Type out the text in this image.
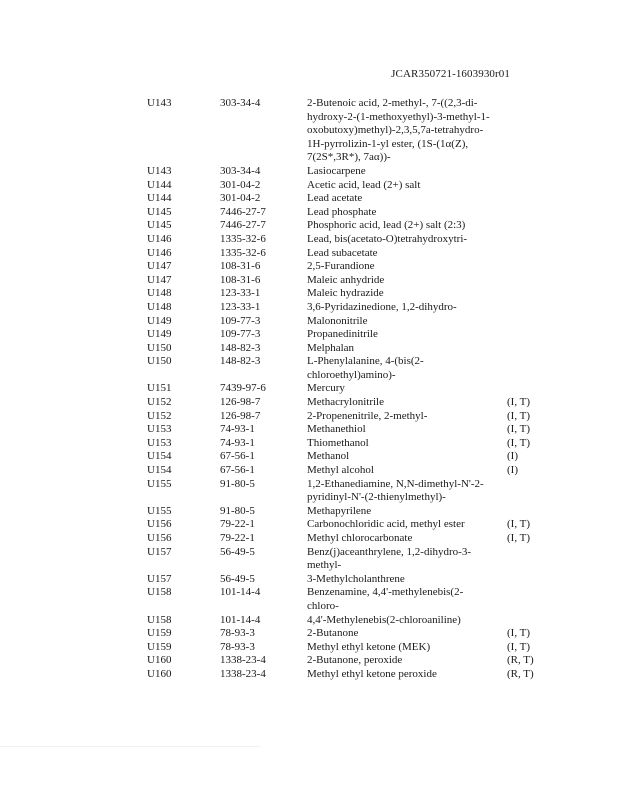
JCAR350721-1603930r01
U143	303-34-4	2-Butenoic acid, 2-methyl-, 7-((2,3-di-
hydroxy-2-(1-methoxyethyl)-3-methyl-1-
oxobutoxy)methyl)-2,3,5,7a-tetrahydro-
1H-pyrrolizin-1-yl ester, (1S-(1α(Z),
7(2S*,3R*), 7aα))-
U143	303-34-4	Lasiocarpene
U144	301-04-2	Acetic acid, lead (2+) salt
U144	301-04-2	Lead acetate
U145	7446-27-7	Lead phosphate
U145	7446-27-7	Phosphoric acid, lead (2+) salt (2:3)
U146	1335-32-6	Lead, bis(acetato-O)tetrahydroxytri-
U146	1335-32-6	Lead subacetate
U147	108-31-6	2,5-Furandione
U147	108-31-6	Maleic anhydride
U148	123-33-1	Maleic hydrazide
U148	123-33-1	3,6-Pyridazinedione, 1,2-dihydro-
U149	109-77-3	Malononitrile
U149	109-77-3	Propanedinitrile
U150	148-82-3	Melphalan
U150	148-82-3	L-Phenylalanine, 4-(bis(2-
chloroethyl)amino)-
U151	7439-97-6	Mercury
U152	126-98-7	Methacrylonitrile	(I, T)
U152	126-98-7	2-Propenenitrile, 2-methyl-	(I, T)
U153	74-93-1	Methanethiol	(I, T)
U153	74-93-1	Thiomethanol	(I, T)
U154	67-56-1	Methanol	(I)
U154	67-56-1	Methyl alcohol	(I)
U155	91-80-5	1,2-Ethanediamine, N,N-dimethyl-N'-2-
pyridinyl-N'-(2-thienylmethyl)-
U155	91-80-5	Methapyrilene
U156	79-22-1	Carbonochloridic acid, methyl ester	(I, T)
U156	79-22-1	Methyl chlorocarbonate	(I, T)
U157	56-49-5	Benz(j)aceanthrylene, 1,2-dihydro-3-
methyl-
U157	56-49-5	3-Methylcholanthrene
U158	101-14-4	Benzenamine, 4,4'-methylenebis(2-
chloro-
U158	101-14-4	4,4'-Methylenebis(2-chloroaniline)
U159	78-93-3	2-Butanone	(I, T)
U159	78-93-3	Methyl ethyl ketone (MEK)	(I, T)
U160	1338-23-4	2-Butanone, peroxide	(R, T)
U160	1338-23-4	Methyl ethyl ketone peroxide	(R, T)
